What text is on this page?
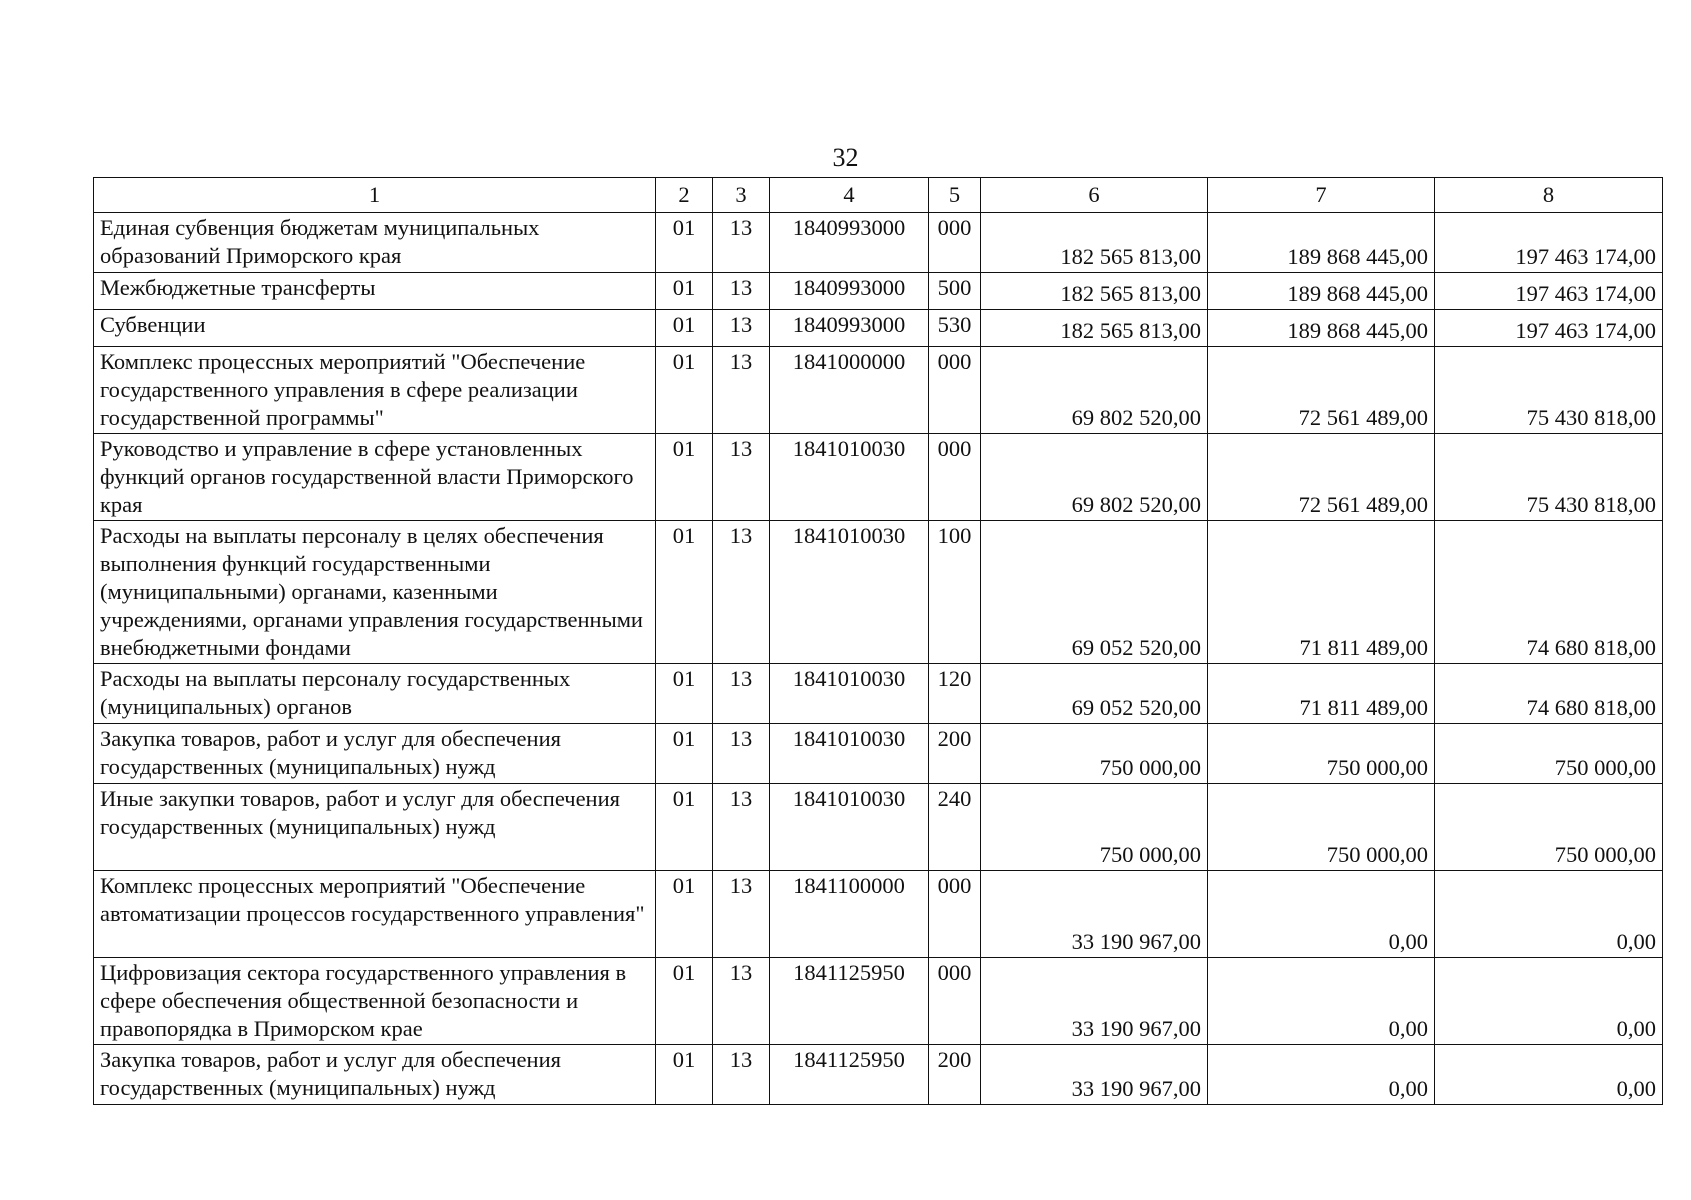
32
1	2	3	4	5	6	7	8
Единая субвенция бюджетам муниципальных образований Приморского края	01	13	1840993000	000	182 565 813,00	189 868 445,00	197 463 174,00
Межбюджетные трансферты	01	13	1840993000	500	182 565 813,00	189 868 445,00	197 463 174,00
Субвенции	01	13	1840993000	530	182 565 813,00	189 868 445,00	197 463 174,00
Комплекс процессных мероприятий "Обеспечение государственного управления в сфере реализации государственной программы"	01	13	1841000000	000	69 802 520,00	72 561 489,00	75 430 818,00
Руководство и управление в сфере установленных функций органов государственной власти Приморского края	01	13	1841010030	000	69 802 520,00	72 561 489,00	75 430 818,00
Расходы на выплаты персоналу в целях обеспечения выполнения функций государственными (муниципальными) органами, казенными учреждениями, органами управления государственными внебюджетными фондами	01	13	1841010030	100	69 052 520,00	71 811 489,00	74 680 818,00
Расходы на выплаты персоналу государственных (муниципальных) органов	01	13	1841010030	120	69 052 520,00	71 811 489,00	74 680 818,00
Закупка товаров, работ и услуг для обеспечения государственных (муниципальных) нужд	01	13	1841010030	200	750 000,00	750 000,00	750 000,00
Иные закупки товаров, работ и услуг для обеспечения государственных (муниципальных) нужд	01	13	1841010030	240	750 000,00	750 000,00	750 000,00
Комплекс процессных мероприятий "Обеспечение автоматизации процессов государственного управления"	01	13	1841100000	000	33 190 967,00	0,00	0,00
Цифровизация сектора государственного управления в сфере обеспечения общественной безопасности и правопорядка в Приморском крае	01	13	1841125950	000	33 190 967,00	0,00	0,00
Закупка товаров, работ и услуг для обеспечения государственных (муниципальных) нужд	01	13	1841125950	200	33 190 967,00	0,00	0,00
